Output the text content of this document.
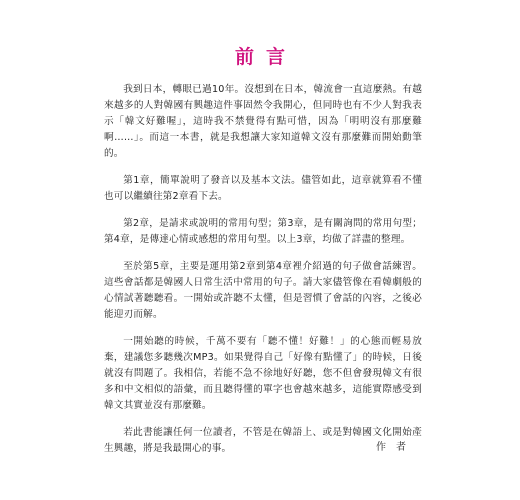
前言

我到日本，轉眼已過10年。沒想到在日本，韓流會一直這麼熱。有越來越多的人對韓國有興趣這件事固然令我開心，但同時也有不少人對我表示「韓文好難喔」，這時我不禁覺得有點可惜，因為「明明沒有那麼難啊……」。而這一本書，就是我想讓大家知道韓文沒有那麼難而開始動筆的。

第1章，簡單說明了發音以及基本文法。儘管如此，這章就算看不懂也可以繼續往第2章看下去。

第2章，是請求或說明的常用句型；第3章，是有關詢問的常用句型；第4章，是傳達心情或感想的常用句型。以上3章，均做了詳盡的整理。

至於第5章，主要是運用第2章到第4章裡介紹過的句子做會話練習。這些會話都是韓國人日常生活中常用的句子。請大家儘管像在看韓劇般的心情試著聽聽看。一開始或許聽不太懂，但是習慣了會話的內容，之後必能迎刃而解。

一開始聽的時候，千萬不要有「聽不懂！好難！」的心態而輕易放棄，建議您多聽幾次MP3。如果覺得自己「好像有點懂了」的時候，日後就沒有問題了。我相信，若能不急不徐地好好聽，您不但會發現韓文有很多和中文相似的語彙，而且聽得懂的單字也會越來越多，這能實際感受到韓文其實並沒有那麼難。

若此書能讓任何一位讀者，不管是在韓語上、或是對韓國文化開始產生興趣，將是我最開心的事。	作者
